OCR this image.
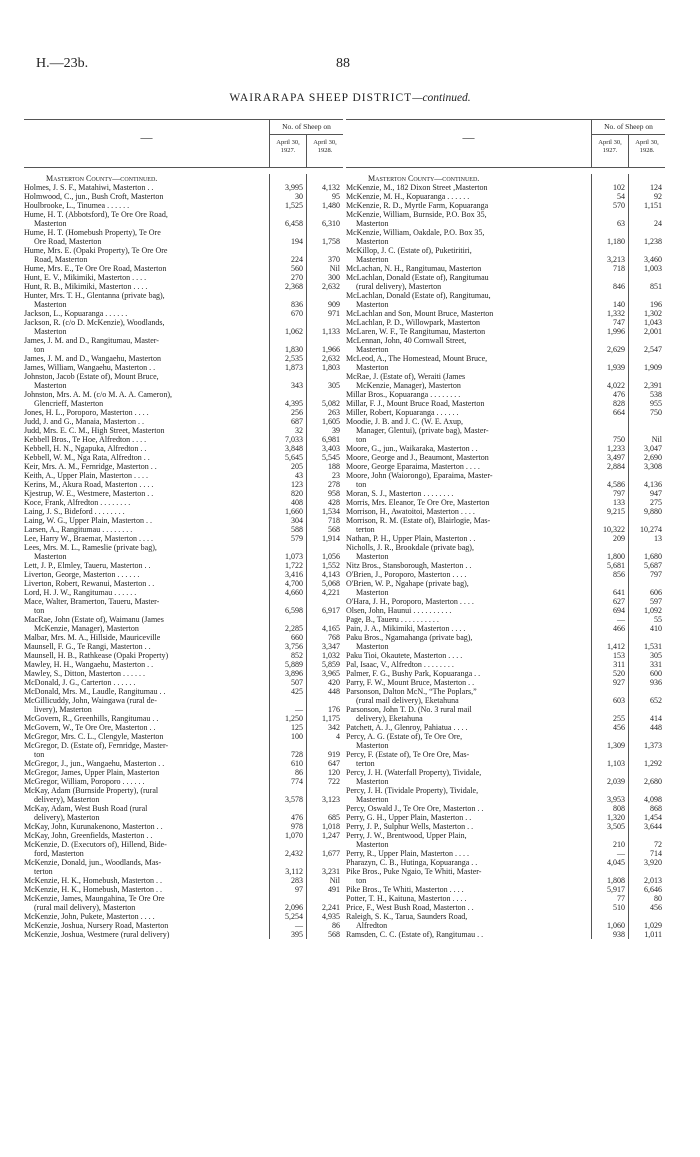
H.—23b.	88
WAIRARAPA SHEEP DISTRICT—continued.
—
No. of Sheep on
April 30, 1927.
April 30, 1928.
Masterton County—continued.
Holmes, J. S. F., Matahiwi, Masterton . .
Holmwood, C., jun., Bush Croft, Masterton
Houlbrooke, L., Tinumea . . . . . .
Hume, H. T. (Abbotsford), Te Ore Ore Road,
Masterton
Hume, H. T. (Homebush Property), Te Ore
Ore Road, Masterton
Hume, Mrs. E. (Opaki Property), Te Ore Ore
Road, Masterton
Hume, Mrs. E., Te Ore Ore Road, Masterton
Hunt, E. V., Mikimiki, Masterton . . . .
Hunt, R. B., Mikimiki, Masterton . . . .
Hunter, Mrs. T. H., Glentanna (private bag),
Masterton
Jackson, L., Kopuaranga . . . . . .
Jackson, R. (c/o D. McKenzie), Woodlands,
Masterton
James, J. M. and D., Rangitumau, Master-
ton
James, J. M. and D., Wangaehu, Masterton
James, William, Wangaehu, Masterton . .
Johnston, Jacob (Estate of), Mount Bruce,
Masterton
Johnston, Mrs. A. M. (c/o M. A. A. Cameron),
Glencrieff, Masterton
Jones, H. L., Poroporo, Masterton . . . .
Judd, J. and G., Manaia, Masterton . .
Judd, Mrs. E. C. M., High Street, Masterton
Kebbell Bros., Te Hoe, Alfredton . . . .
Kebbell, H. N., Ngapuka, Alfredton . .
Kebbell, W. M., Nga Rata, Alfredton . .
Keir, Mrs. A. M., Fernridge, Masterton . .
Keith, A., Upper Plain, Masterton . . . .
Kerins, M., Akura Road, Masterton . . . .
Kjestrup, W. E., Westmere, Masterton . .
Koce, Frank, Alfredton . . . . . . . .
Laing, J. S., Bideford . . . . . . . .
Laing, W. G., Upper Plain, Masterton . .
Larsen, A., Rangitumau . . . . . . . .
Lee, Harry W., Braemar, Masterton . . . .
Lees, Mrs. M. L., Rameslie (private bag),
Masterton
Lett, J. P., Elmley, Taueru, Masterton . .
Liverton, George, Masterton . . . . . .
Liverton, Robert, Rewanui, Masterton . .
Lord, H. J. W., Rangitumau . . . . . .
Mace, Walter, Bramerton, Taueru, Master-
ton
MacRae, John (Estate of), Waimanu (James
McKenzie, Manager), Masterton
Malbar, Mrs. M. A., Hillside, Mauriceville
Maunsell, F. G., Te Rangi, Masterton . .
Maunsell, H. B., Rathkease (Opaki Property)
Mawley, H. H., Wangaehu, Masterton . .
Mawley, S., Ditton, Masterton . . . . . .
McDonald, J. G., Carterton . . . . . .
McDonald, Mrs. M., Laudle, Rangitumau . .
McGillicuddy, John, Waingawa (rural de-
livery), Masterton
McGovern, R., Greenhills, Rangitumau . .
McGovern, W., Te Ore Ore, Masterton . .
McGregor, Mrs. C. L., Clengyle, Masterton
McGregor, D. (Estate of), Fernridge, Master-
ton
McGregor, J., jun., Wangaehu, Masterton . .
McGregor, James, Upper Plain, Masterton
McGregor, William, Poroporo . . . . . .
McKay, Adam (Burnside Property), (rural
delivery), Masterton
McKay, Adam, West Bush Road (rural
delivery), Masterton
McKay, John, Kurunakenono, Masterton . .
McKay, John, Greenfields, Masterton . .
McKenzie, D. (Executors of), Hillend, Bide-
ford, Masterton
McKenzie, Donald, jun., Woodlands, Mas-
terton
McKenzie, H. K., Homebush, Masterton . .
McKenzie, H. K., Homebush, Masterton . .
McKenzie, James, Maungahina, Te Ore Ore
(rural mail delivery), Masterton
McKenzie, John, Pukete, Masterton . . . .
McKenzie, Joshua, Nursery Road, Masterton
McKenzie, Joshua, Westmere (rural delivery)
3,995
30
1,525
6,458
194
224
560
270
2,368
836
670
1,062
1,830
2,535
1,873
343
4,395
256
687
32
7,033
3,848
5,645
205
43
123
820
408
1,660
304
588
579
1,073
1,722
3,416
4,700
4,660
6,598
2,285
660
3,756
852
5,889
3,896
507
425
—
1,250
125
100
728
610
86
774
3,578
476
978
1,070
2,432
3,112
283
97
2,096
5,254
—
395
4,132
95
1,480
6,310
1,758
370
Nil
300
2,632
909
971
1,133
1,966
2,632
1,803
305
5,082
263
1,605
39
6,981
3,403
5,545
188
23
278
958
428
1,534
718
568
1,914
1,056
1,552
4,143
5,068
4,221
6,917
4,165
768
3,347
1,032
5,859
3,965
420
448
176
1,175
342
4
919
647
120
722
3,123
685
1,018
1,247
1,677
3,231
Nil
491
2,241
4,935
86
568
—
No. of Sheep on
April 30, 1927.
April 30, 1928.
Masterton County—continued.
McKenzie, M., 182 Dixon Street ,Masterton
McKenzie, M. H., Kopuaranga . . . . . .
McKenzie, R. D., Myrtle Farm, Kopuaranga
McKenzie, William, Burnside, P.O. Box 35,
Masterton
McKenzie, William, Oakdale, P.O. Box 35,
Masterton
McKillop, J. C. (Estate of), Puketiritiri,
Masterton
McLachan, N. H., Rangitumau, Masterton
McLachlan, Donald (Estate of), Rangitumau
(rural delivery), Masterton
McLachlan, Donald (Estate of), Rangitumau,
Masterton
McLachlan and Son, Mount Bruce, Masterton
McLachlan, P. D., Willowpark, Masterton
McLaren, W. F., Te Rangitumau, Masterton
McLennan, John, 40 Cornwall Street,
Masterton
McLeod, A., The Homestead, Mount Bruce,
Masterton
McRae, J. (Estate of), Weraiti (James
McKenzie, Manager), Masterton
Millar Bros., Kopuaranga . . . . . . . .
Millar, F. J., Mount Bruce Road, Masterton
Miller, Robert, Kopuaranga . . . . . .
Moodie, J. B. and J. C. (W. E. Axup,
Manager, Glentui), (private bag), Master-
ton
Moore, G., jun., Waikaraka, Masterton . .
Moore, George and J., Beaumont, Masterton
Moore, George Eparaima, Masterton . . . .
Moore, John (Waiorongo), Eparaima, Master-
ton
Moran, S. J., Masterton . . . . . . . .
Morris, Mrs. Eleanor, Te Ore Ore, Masterton
Morrison, H., Awatoitoi, Masterton . . . .
Morrison, R. M. (Estate of), Blairlogie, Mas-
terton
Nathan, P. H., Upper Plain, Masterton . .
Nicholls, J. R., Brookdale (private bag),
Masterton
Nitz Bros., Stansborough, Masterton . .
O'Brien, J., Poroporo, Masterton . . . .
O'Brien, W. P., Ngahape (private bag),
Masterton
O'Hara, J. H., Poroporo, Masterton . . . .
Olsen, John, Haunui . . . . . . . . . .
Page, B., Taueru . . . . . . . . . .
Pain, J. A., Mikimiki, Masterton . . . .
Paku Bros., Ngamahanga (private bag),
Masterton
Paku Tioi, Okautete, Masterton . . . .
Pal, Isaac, V., Alfredton . . . . . . . .
Palmer, F. G., Bushy Park, Kopuaranga . .
Parry, F. W., Mount Bruce, Masterton . .
Parsonson, Dalton McN., “The Poplars,”
(rural mail delivery), Eketahuna
Parsonson, John T. D. (No. 3 rural mail
delivery), Eketahuna
Patchett, A. J., Glenroy, Pahiatua . . . .
Percy, A. G. (Estate of), Te Ore Ore,
Masterton
Percy, F. (Estate of), Te Ore Ore, Mas-
terton
Percy, J. H. (Waterfall Property), Tividale,
Masterton
Percy, J. H. (Tividale Property), Tividale,
Masterton
Percy, Oswald J., Te Ore Ore, Masterton . .
Perry, G. H., Upper Plain, Masterton . .
Perry, J. P., Sulphur Wells, Masterton . .
Perry, J. W., Brentwood, Upper Plain,
Masterton
Perry, R., Upper Plain, Masterton . . . .
Pharazyn, C. B., Hutinga, Kopuaranga . .
Pike Bros., Puke Ngaio, Te Whiti, Master-
ton
Pike Bros., Te Whiti, Masterton . . . .
Potter, T. H., Kaituna, Masterton . . . .
Price, F., West Bush Road, Masterton . .
Raleigh, S. K., Tarua, Saunders Road,
Alfredton
Ramsden, C. C. (Estate of), Rangitumau . .
102
54
570
63
1,180
3,213
718
846
140
1,332
747
1,996
2,629
1,939
4,022
476
828
664
750
1,233
3,497
2,884
4,586
797
133
9,215
10,322
209
1,800
5,681
856
641
627
694
—
466
1,412
153
311
520
927
603
255
456
1,309
1,103
2,039
3,953
808
1,320
3,505
210
—
4,045
1,808
5,917
77
510
1,060
938
124
92
1,151
24
1,238
3,460
1,003
851
196
1,302
1,043
2,001
2,547
1,909
2,391
538
955
750
Nil
3,047
2,690
3,308
4,136
947
275
9,880
10,274
13
1,680
5,687
797
606
597
1,092
55
410
1,531
305
331
600
936
652
414
448
1,373
1,292
2,680
4,098
868
1,454
3,644
72
714
3,920
2,013
6,646
80
456
1,029
1,011
